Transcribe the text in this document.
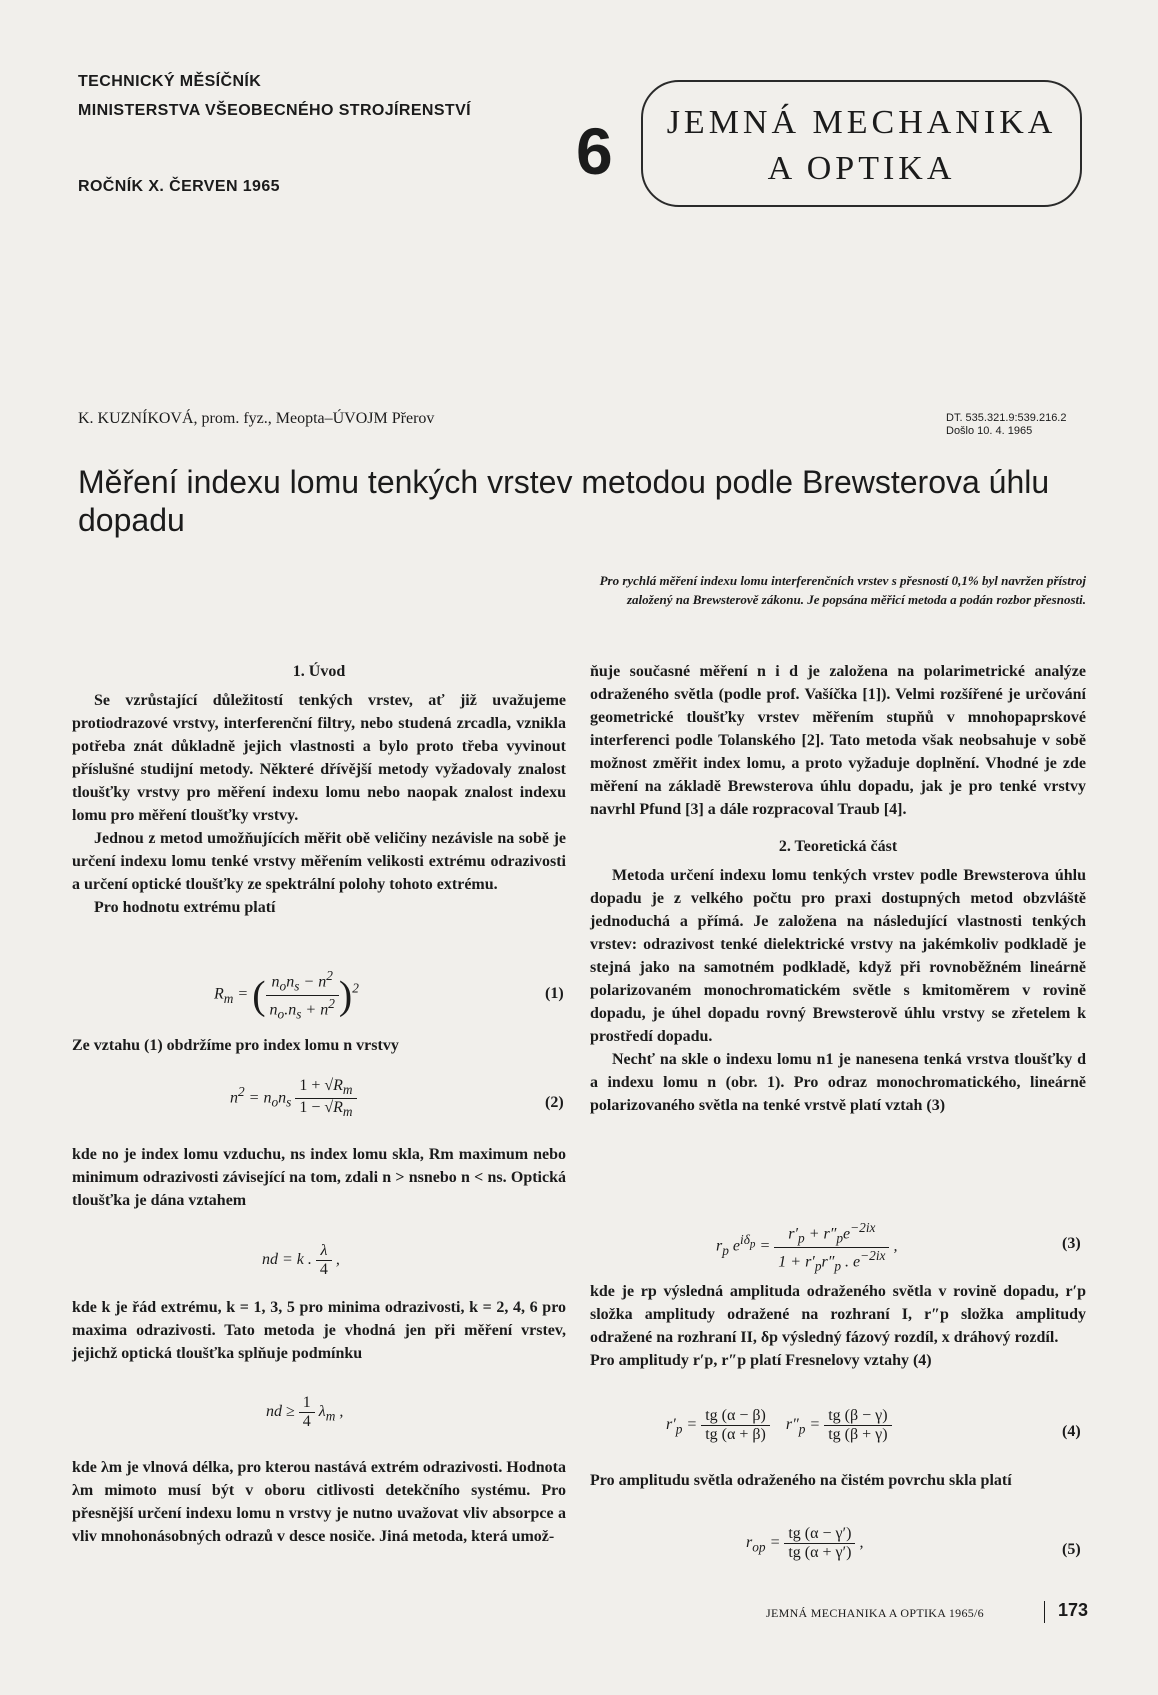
TECHNICKÝ MĚSÍČNÍK
MINISTERSTVA VŠEOBECNÉHO STROJÍRENSTVÍ
ROČNÍK X. ČERVEN 1965	6	JEMNÁ MECHANIKA
A OPTIKA
K. KUZNÍKOVÁ, prom. fyz., Meopta–ÚVOJM Přerov	DT. 535.321.9:539.216.2
Došlo 10. 4. 1965
Měření indexu lomu tenkých vrstev metodou podle Brewsterova úhlu dopadu
Pro rychlá měření indexu lomu interferenčních vrstev s přesností 0,1% byl navržen přístroj
založený na Brewsterově zákonu. Je popsána měřicí metoda a podán rozbor přesnosti.

1. Úvod

Se vzrůstající důležitostí tenkých vrstev, ať již uvažujeme protiodrazové vrstvy, interferenční filtry, nebo studená zrcadla, vznikla potřeba znát důkladně jejich vlastnosti a bylo proto třeba vyvinout příslušné studijní metody. Některé dřívější metody vyžadovaly znalost tloušťky vrstvy pro měření indexu lomu nebo naopak znalost indexu lomu pro měření tloušťky vrstvy.

Jednou z metod umožňujících měřit obě veličiny nezávisle na sobě je určení indexu lomu tenké vrstvy měřením velikosti extrému odrazivosti a určení optické tloušťky ze spektrální polohy tohoto extrému.

Pro hodnotu extrému platí

$R_m$ = ( $\frac{n_on_s - n^2}{n_o.n_s + n^2} )^2$	(1)

Ze vztahu (1) obdržíme pro index lomu n vrstvy

$n^2 = n_on_s \frac{1 + √R_m}{1 - √R_m}$	(2)

kde no je index lomu vzduchu, ns index lomu skla, Rm maximum nebo minimum odrazivosti závisející na tom, zdali n > nsnebo n < ns. Optická tloušťka je dána vztahem

nd = k . $\frac{\lambda}{4}$ ,

kde k je řád extrému, k = 1, 3, 5 pro minima odrazivosti, k = 2, 4, 6 pro maxima odrazivosti. Tato metoda je vhodná jen při měření vrstev, jejichž optická tloušťka splňuje podmínku

nd ≥ $\frac{1}{4} \lambda_m$ ,

kde λm je vlnová délka, pro kterou nastává extrém odrazivosti. Hodnota λm mimoto musí být v oboru citlivosti detekčního systému. Pro přesnější určení indexu lomu n vrstvy je nutno uvažovat vliv absorpce a vliv mnohonásobných odrazů v desce nosiče. Jiná metoda, která umož-

ňuje současné měření n i d je založena na polarimetrické analýze odraženého světla (podle prof. Vašíčka [1]). Velmi rozšířené je určování geometrické tloušťky vrstev měřením stupňů v mnohopaprskové interferenci podle Tolanského [2]. Tato metoda však neobsahuje v sobě možnost změřit index lomu, a proto vyžaduje doplnění. Vhodné je zde měření na základě Brewsterova úhlu dopadu, jak je pro tenké vrstvy navrhl Pfund [3] a dále rozpracoval Traub [4].

2. Teoretická část

Metoda určení indexu lomu tenkých vrstev podle Brewsterova úhlu dopadu je z velkého počtu pro praxi dostupných metod obzvláště jednoduchá a přímá. Je založena na následující vlastnosti tenkých vrstev: odrazivost tenké dielektrické vrstvy na jakémkoliv podkladě je stejná jako na samotném podkladě, když při rovnoběžném lineárně polarizovaném monochromatickém světle s kmitoměrem v rovině dopadu, je úhel dopadu rovný Brewsterově úhlu vrstvy se zřetelem k prostředí dopadu.

Nechť na skle o indexu lomu n1 je nanesena tenká vrstva tloušťky d a indexu lomu n (obr. 1). Pro odraz monochromatického, lineárně polarizovaného světla na tenké vrstvě platí vztah (3)

$r_p$ $e^{i\delta_p} = \frac{r'_p + r''_pe^{-2ix}}{1 + r'_pr''_p . e^{-2ix}}$ ,	(3)

kde je rp výsledná amplituda odraženého světla v rovině dopadu, r′p složka amplitudy odražené na rozhraní I, r″p složka amplitudy odražené na rozhraní II, δp výsledný fázový rozdíl, x dráhový rozdíl.

Pro amplitudy r′p, r″p platí Fresnelovy vztahy (4)

$r'_p = \frac{tg (\alpha - \beta)}{tg (\alpha + \beta)} r''_p = \frac{tg (\beta - \gamma)}{tg (\beta + \gamma)}$	(4)

Pro amplitudu světla odraženého na čistém povrchu skla platí

$r_{op} = \frac{tg (\alpha - \gamma')}{tg (\alpha + \gamma')}$ ,	(5)
JEMNÁ MECHANIKA A OPTIKA 1965/6	173
